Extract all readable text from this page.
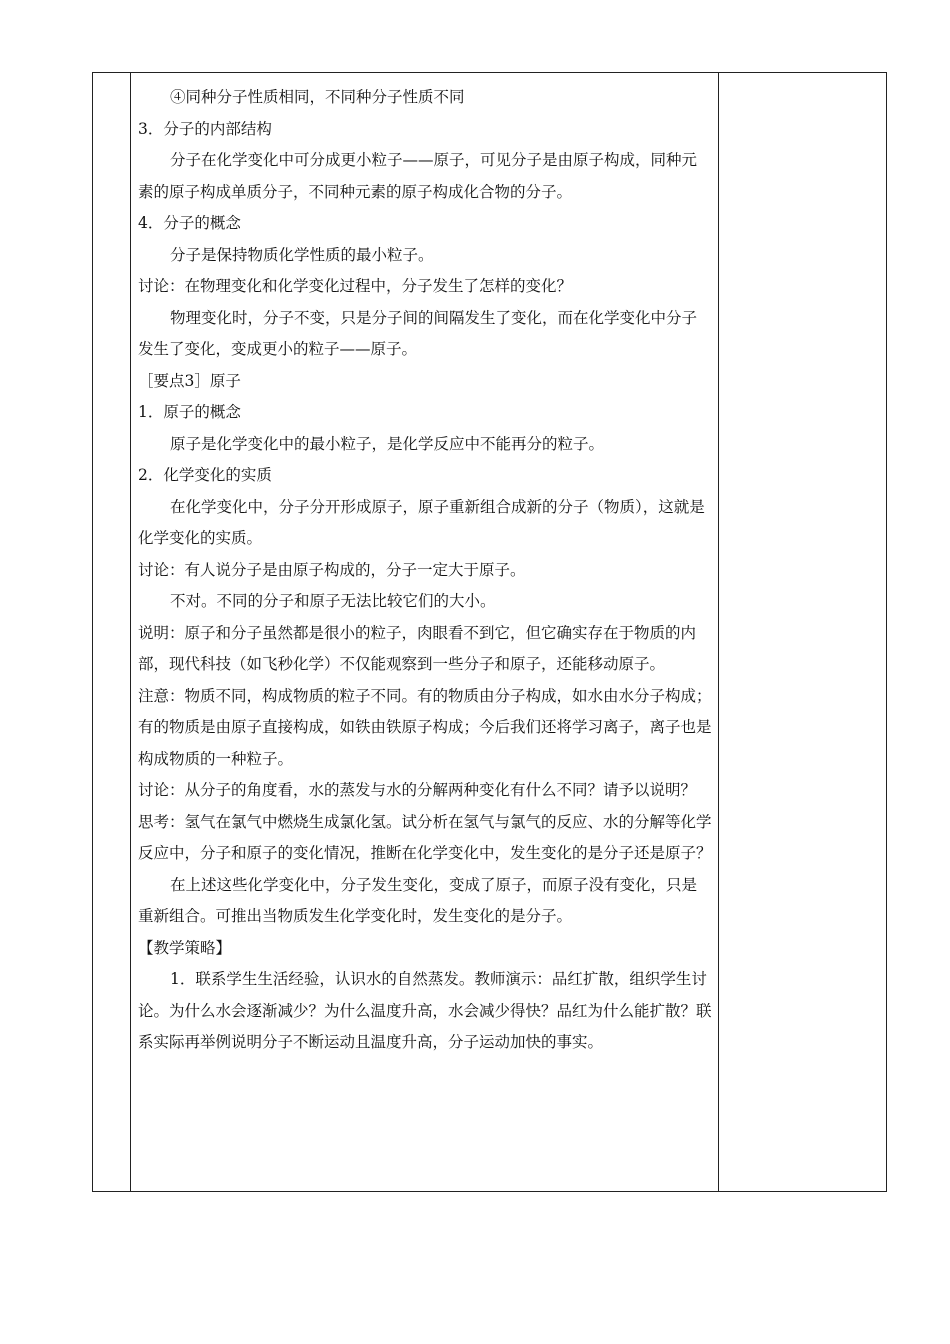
④同种分子性质相同，不同种分子性质不同

3．分子的内部结构

分子在化学变化中可分成更小粒子——原子，可见分子是由原子构成，同种元素的原子构成单质分子，不同种元素的原子构成化合物的分子。

4．分子的概念

分子是保持物质化学性质的最小粒子。

讨论：在物理变化和化学变化过程中，分子发生了怎样的变化？

物理变化时，分子不变，只是分子间的间隔发生了变化，而在化学变化中分子发生了变化，变成更小的粒子——原子。

［要点3］原子

1．原子的概念

原子是化学变化中的最小粒子，是化学反应中不能再分的粒子。

2．化学变化的实质

在化学变化中，分子分开形成原子，原子重新组合成新的分子（物质），这就是化学变化的实质。

讨论：有人说分子是由原子构成的，分子一定大于原子。

不对。不同的分子和原子无法比较它们的大小。

说明：原子和分子虽然都是很小的粒子，肉眼看不到它，但它确实存在于物质的内部，现代科技（如飞秒化学）不仅能观察到一些分子和原子，还能移动原子。

注意：物质不同，构成物质的粒子不同。有的物质由分子构成，如水由水分子构成；有的物质是由原子直接构成，如铁由铁原子构成；今后我们还将学习离子，离子也是构成物质的一种粒子。

讨论：从分子的角度看，水的蒸发与水的分解两种变化有什么不同？请予以说明？

思考：氢气在氯气中燃烧生成氯化氢。试分析在氢气与氯气的反应、水的分解等化学反应中，分子和原子的变化情况，推断在化学变化中，发生变化的是分子还是原子？

在上述这些化学变化中，分子发生变化，变成了原子，而原子没有变化，只是重新组合。可推出当物质发生化学变化时，发生变化的是分子。

【教学策略】

1．联系学生生活经验，认识水的自然蒸发。教师演示：品红扩散，组织学生讨论。为什么水会逐渐减少？为什么温度升高，水会减少得快？品红为什么能扩散？联系实际再举例说明分子不断运动且温度升高，分子运动加快的事实。
